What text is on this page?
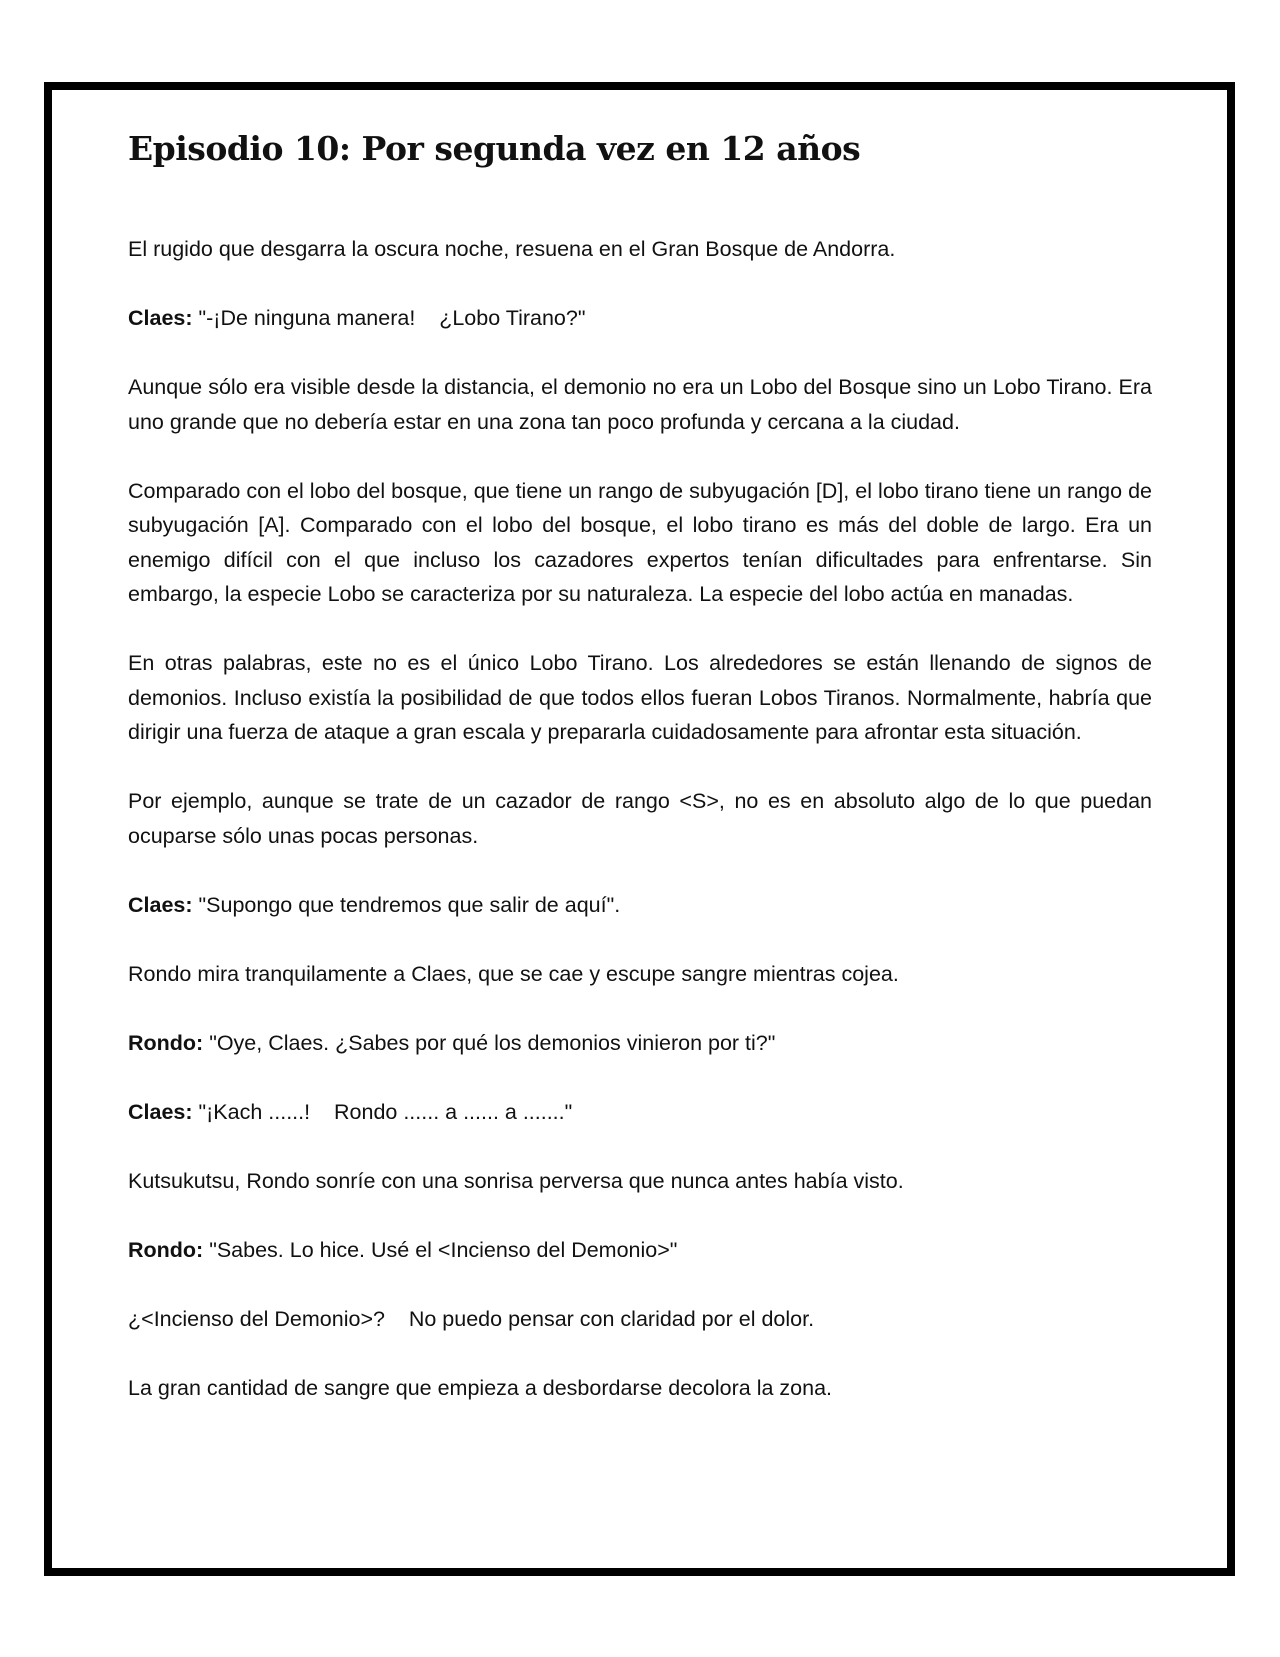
Episodio 10: Por segunda vez en 12 años

El rugido que desgarra la oscura noche, resuena en el Gran Bosque de Andorra.

Claes: "-¡De ninguna manera!    ¿Lobo Tirano?"

Aunque sólo era visible desde la distancia, el demonio no era un Lobo del Bosque sino un Lobo Tirano. Era uno grande que no debería estar en una zona tan poco profunda y cercana a la ciudad.

Comparado con el lobo del bosque, que tiene un rango de subyugación [D], el lobo tirano tiene un rango de subyugación [A]. Comparado con el lobo del bosque, el lobo tirano es más del doble de largo. Era un enemigo difícil con el que incluso los cazadores expertos tenían dificultades para enfrentarse. Sin embargo, la especie Lobo se caracteriza por su naturaleza. La especie del lobo actúa en manadas.

En otras palabras, este no es el único Lobo Tirano. Los alrededores se están llenando de signos de demonios. Incluso existía la posibilidad de que todos ellos fueran Lobos Tiranos. Normalmente, habría que dirigir una fuerza de ataque a gran escala y prepararla cuidadosamente para afrontar esta situación.

Por ejemplo, aunque se trate de un cazador de rango <S>, no es en absoluto algo de lo que puedan ocuparse sólo unas pocas personas.

Claes: "Supongo que tendremos que salir de aquí".

Rondo mira tranquilamente a Claes, que se cae y escupe sangre mientras cojea.

Rondo: "Oye, Claes. ¿Sabes por qué los demonios vinieron por ti?"

Claes: "¡Kach ......!    Rondo ...... a ...... a ......."

Kutsukutsu, Rondo sonríe con una sonrisa perversa que nunca antes había visto.

Rondo: "Sabes. Lo hice. Usé el <Incienso del Demonio>"

¿<Incienso del Demonio>?    No puedo pensar con claridad por el dolor.

La gran cantidad de sangre que empieza a desbordarse decolora la zona.
